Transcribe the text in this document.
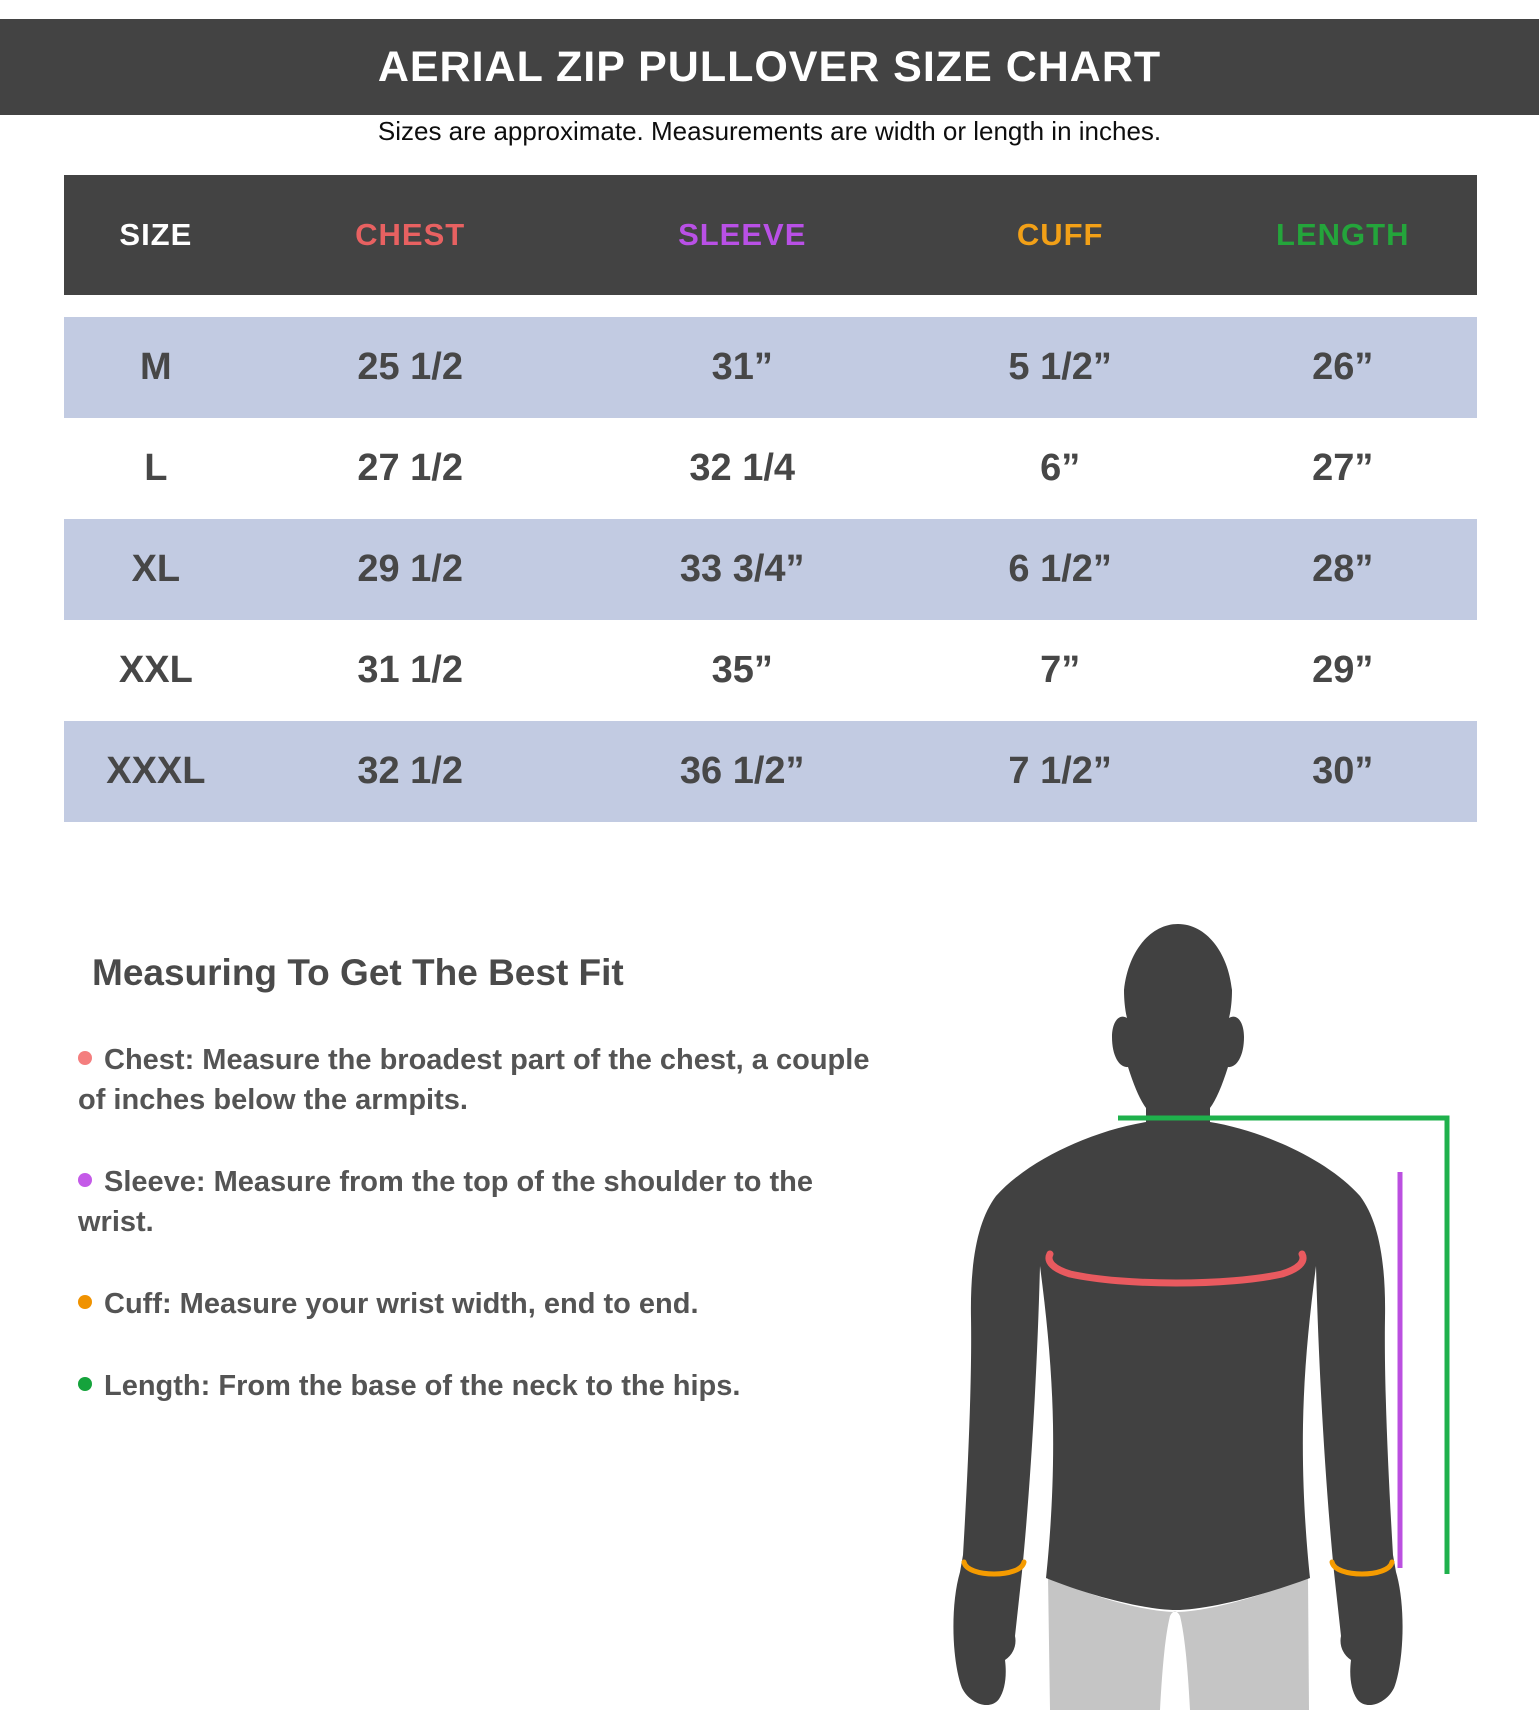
AERIAL ZIP PULLOVER SIZE CHART
Sizes are approximate. Measurements are width or length in inches.
SIZE	CHEST	SLEEVE	CUFF	LENGTH
M	25 1/2	31”	5 1/2”	26”
L	27 1/2	32 1/4	6”	27”
XL	29 1/2	33 3/4”	6 1/2”	28”
XXL	31 1/2	35”	7”	29”
XXXL	32 1/2	36 1/2”	7 1/2”	30”
Measuring To Get The Best Fit

Chest: Measure the broadest part of the chest, a couple of inches below the armpits.

Sleeve: Measure from the top of the shoulder to the wrist.

Cuff: Measure your wrist width, end to end.

Length: From the base of the neck to the hips.
